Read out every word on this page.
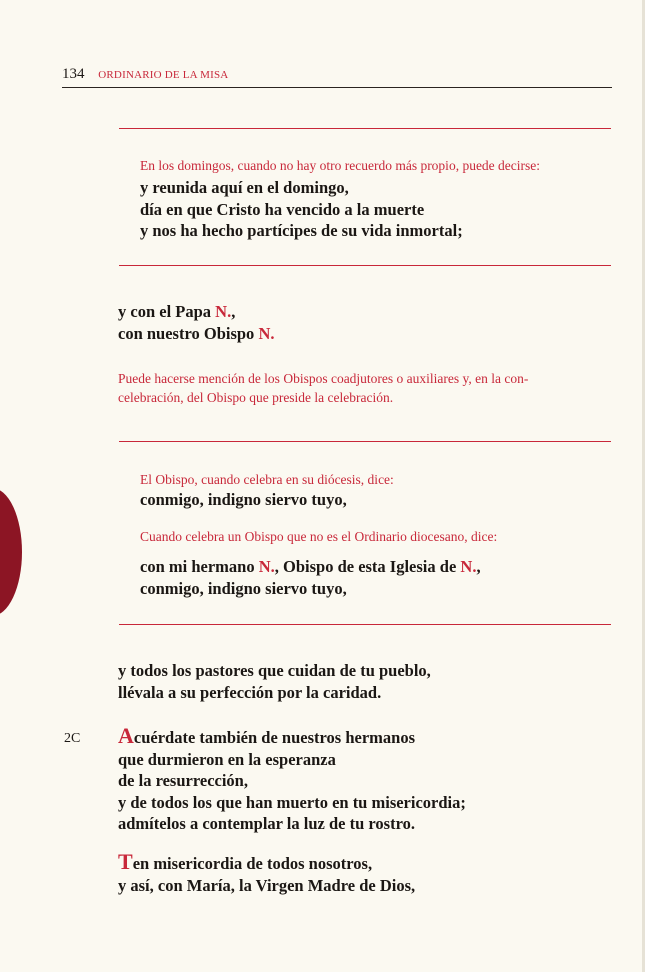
134 ORDINARIO DE LA MISA
En los domingos, cuando no hay otro recuerdo más propio, puede decirse:

y reunida aquí en el domingo,

día en que Cristo ha vencido a la muerte

y nos ha hecho partícipes de su vida inmortal;

y con el Papa N.,

con nuestro Obispo N.

Puede hacerse mención de los Obispos coadjutores o auxiliares y, en la con-

celebración, del Obispo que preside la celebración.

El Obispo, cuando celebra en su diócesis, dice:
conmigo, indigno siervo tuyo,
Cuando celebra un Obispo que no es el Ordinario diocesano, dice:

con mi hermano N., Obispo de esta Iglesia de N.,

conmigo, indigno siervo tuyo,

y todos los pastores que cuidan de tu pueblo,

llévala a su perfección por la caridad.

2C Acuérdate también de nuestros hermanos

que durmieron en la esperanza

de la resurrección,

y de todos los que han muerto en tu misericordia;

admítelos a contemplar la luz de tu rostro.

Ten misericordia de todos nosotros,

y así, con María, la Virgen Madre de Dios,
